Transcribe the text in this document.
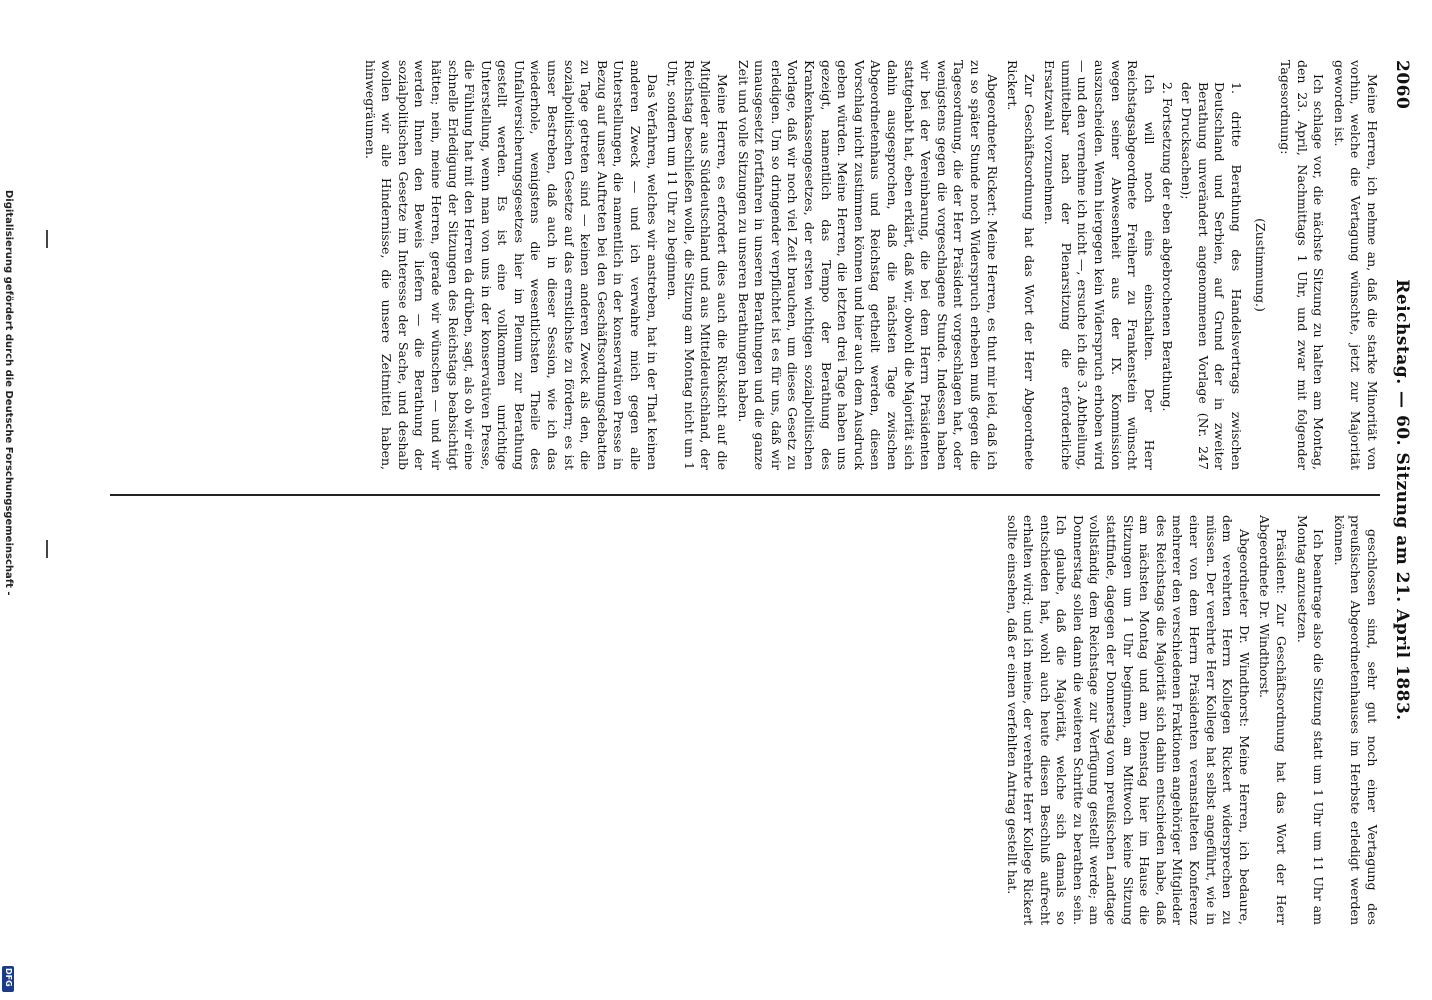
2060
Reichstag. — 60. Sitzung am 21. April 1883.

Meine Herren, ich nehme an, daß die starke Minorität von vorhin, welche die Vertagung wünschte, jetzt zur Majorität geworden ist.

Ich schlage vor, die nächste Sitzung zu halten am Montag, den 23. April, Nachmittags 1 Uhr, und zwar mit folgender Tagesordnung:

(Zustimmung.)

1. dritte Berathung des Handelsvertrags zwischen Deutschland und Serbien, auf Grund der in zweiter Berathung unverändert angenommenen Vorlage (Nr. 247 der Drucksachen);

2. Fortsetzung der eben abgebrochenen Berathung.

Ich will noch eins einschalten. Der Herr Reichstagsabgeordnete Freiherr zu Frankenstein wünscht wegen seiner Abwesenheit aus der IX. Kommission auszuscheiden. Wenn hiergegen kein Widerspruch erhoben wird — und den vernehme ich nicht —, ersuche ich die 3. Abtheilung, unmittelbar nach der Plenarsitzung die erforderliche Ersatzwahl vorzunehmen.

Zur Geschäftsordnung hat das Wort der Herr Abgeordnete Rickert.

Abgeordneter Rickert: Meine Herren, es thut mir leid, daß ich zu so später Stunde noch Widerspruch erheben muß gegen die Tagesordnung, die der Herr Präsident vorgeschlagen hat, oder wenigstens gegen die vorgeschlagene Stunde. Indessen haben wir bei der Vereinbarung, die bei dem Herrn Präsidenten stattgehabt hat, eben erklärt, daß wir, obwohl die Majorität sich dahin ausgesprochen, daß die nächsten Tage zwischen Abgeordnetenhaus und Reichstag getheilt werden, diesen Vorschlag nicht zustimmen können und hier auch dem Ausdruck geben würden. Meine Herren, die letzten drei Tage haben uns gezeigt, namentlich das Tempo der Berathung des Krankenkassengesetzes, der ersten wichtigen sozialpolitischen Vorlage, daß wir noch viel Zeit brauchen, um dieses Gesetz zu erledigen. Um so dringender verpflichtet ist es für uns, daß wir unausgesetzt fortfahren in unseren Berathungen und die ganze Zeit und volle Sitzungen zu unseren Berathungen haben.

Meine Herren, es erfordert dies auch die Rücksicht auf die Mitglieder aus Süddeutschland und aus Mitteldeutschland, der Reichstag beschließen wolle, die Sitzung am Montag nicht um 1 Uhr, sondern um 11 Uhr zu beginnen.

Das Verfahren, welches wir anstreben, hat in der That keinen anderen Zweck — und ich verwahre mich gegen alle Unterstellungen, die namentlich in der konservativen Presse in Bezug auf unser Auftreten bei den Geschäftsordnungsdebatten zu Tage getreten sind — keinen anderen Zweck als den, die sozialpolitischen Gesetze auf das ernstlichste zu fördern; es ist unser Bestreben, daß auch in dieser Session, wie ich das wiederhole, wenigstens die wesentlichsten Theile des Unfallversicherungsgesetzes hier im Plenum zur Berathung gestellt werden. Es ist eine vollkommen unrichtige Unterstellung, wenn man von uns in der konservativen Presse, die Fühlung hat mit den Herren da drüben, sagt, als ob wir eine schnelle Erledigung der Sitzungen des Reichstags beabsichtigt hätten; nein, meine Herren, gerade wir wünschen — und wir werden Ihnen den Beweis liefern — die Berathung der sozialpolitischen Gesetze im Interesse der Sache, und deshalb wollen wir alle Hindernisse, die unsere Zeitmittel haben, hinwegräumen.

geschlossen sind, sehr gut noch einer Vertagung des preußischen Abgeordnetenhauses im Herbste erledigt werden können.

Ich beantrage also die Sitzung statt um 1 Uhr um 11 Uhr am Montag anzusetzen.

Präsident: Zur Geschäftsordnung hat das Wort der Herr Abgeordnete Dr. Windthorst.

Abgeordneter Dr. Windthorst: Meine Herren, ich bedaure, dem verehrten Herrn Kollegen Rickert widersprechen zu müssen. Der verehrte Herr Kollege hat selbst angeführt, wie in einer von dem Herrn Präsidenten veranstalteten Konferenz mehrerer den verschiedenen Fraktionen angehöriger Mitglieder des Reichstags die Majorität sich dahin entschieden habe, daß am nächsten Montag und am Dienstag hier im Hause die Sitzungen um 1 Uhr beginnen, am Mittwoch keine Sitzung stattfinde, dagegen der Donnerstag vom preußischen Landtage vollständig dem Reichstage zur Verfügung gestellt werde; am Donnerstag sollen dann die weiteren Schritte zu berathen sein. Ich glaube, daß die Majorität, welche sich damals so entschieden hat, wohl auch heute diesen Beschluß aufrecht erhalten wird; und ich meine, der verehrte Herr Kollege Rickert sollte einsehen, daß er einen verfehlten Antrag gestellt hat.

Digitalisierung gefördert durch die Deutsche Forschungsgemeinschaft -
DFG
